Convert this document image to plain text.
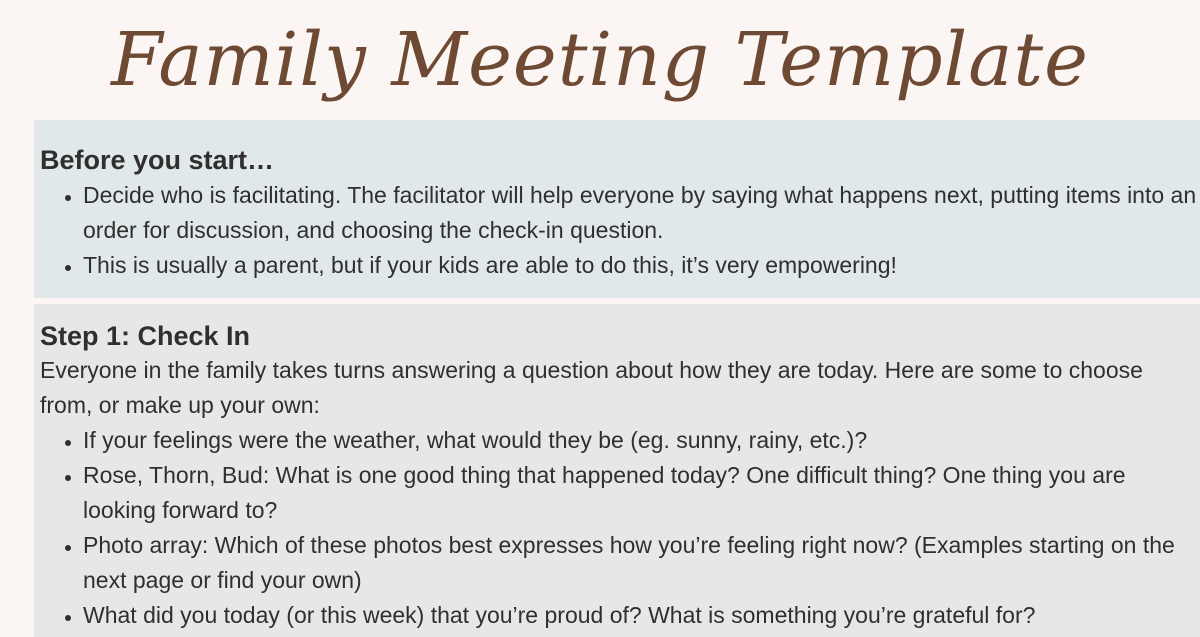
Family Meeting Template
Before you start…
• Decide who is facilitating. The facilitator will help everyone by saying what happens next, putting items into an order for discussion, and choosing the check-in question.
• This is usually a parent, but if your kids are able to do this, it’s very empowering!
Step 1: Check In

Everyone in the family takes turns answering a question about how they are today. Here are some to choose from, or make up your own:

• If your feelings were the weather, what would they be (eg. sunny, rainy, etc.)?
• Rose, Thorn, Bud: What is one good thing that happened today? One difficult thing? One thing you are looking forward to?
• Photo array: Which of these photos best expresses how you’re feeling right now? (Examples starting on the next page or find your own)
• What did you today (or this week) that you’re proud of? What is something you’re grateful for?
